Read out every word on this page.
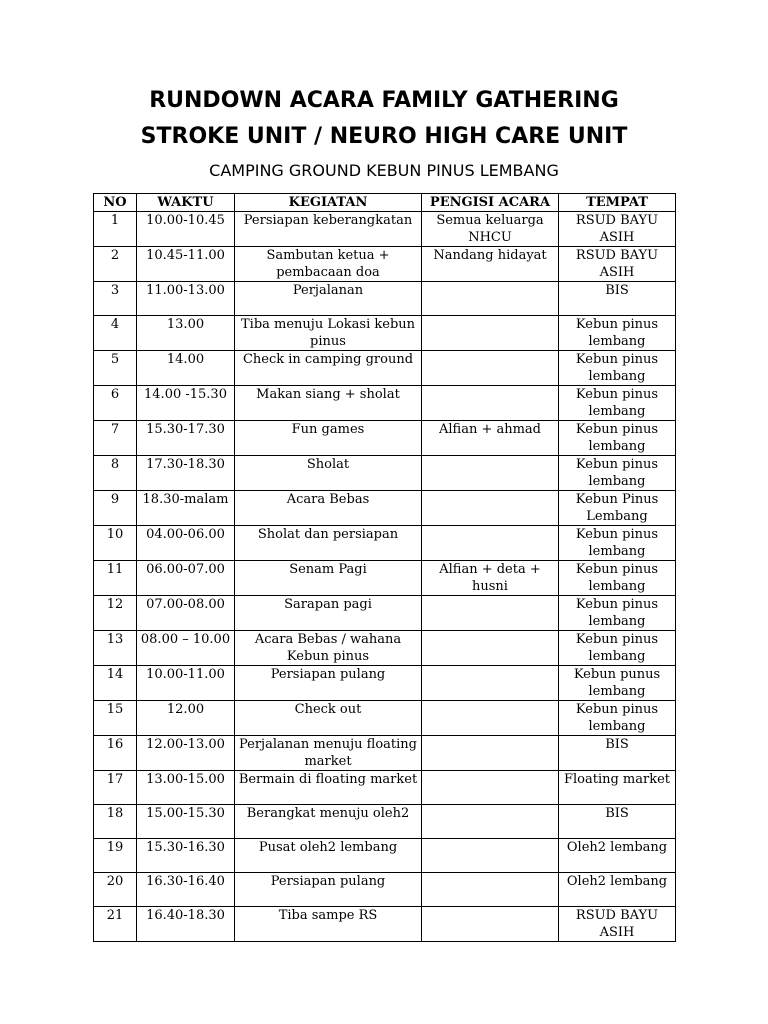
RUNDOWN ACARA FAMILY GATHERING
STROKE UNIT / NEURO HIGH CARE UNIT

CAMPING GROUND KEBUN PINUS LEMBANG

NO	WAKTU	KEGIATAN	PENGISI ACARA	TEMPAT
1	10.00-10.45	Persiapan keberangkatan	Semua keluarga NHCU	RSUD BAYU ASIH
2	10.45-11.00	Sambutan ketua + pembacaan doa	Nandang hidayat	RSUD BAYU ASIH
3	11.00-13.00	Perjalanan		BIS
4	13.00	Tiba menuju Lokasi kebun pinus		Kebun pinus lembang
5	14.00	Check in camping ground		Kebun pinus lembang
6	14.00 -15.30	Makan siang + sholat		Kebun pinus lembang
7	15.30-17.30	Fun games	Alfian + ahmad	Kebun pinus lembang
8	17.30-18.30	Sholat		Kebun pinus lembang
9	18.30-malam	Acara Bebas		Kebun Pinus Lembang
10	04.00-06.00	Sholat dan persiapan		Kebun pinus lembang
11	06.00-07.00	Senam Pagi	Alfian + deta + husni	Kebun pinus lembang
12	07.00-08.00	Sarapan pagi		Kebun pinus lembang
13	08.00 – 10.00	Acara Bebas / wahana Kebun pinus		Kebun pinus lembang
14	10.00-11.00	Persiapan pulang		Kebun punus lembang
15	12.00	Check out		Kebun pinus lembang
16	12.00-13.00	Perjalanan menuju floating market		BIS
17	13.00-15.00	Bermain di floating market		Floating market
18	15.00-15.30	Berangkat menuju oleh2		BIS
19	15.30-16.30	Pusat oleh2 lembang		Oleh2 lembang
20	16.30-16.40	Persiapan pulang		Oleh2 lembang
21	16.40-18.30	Tiba sampe RS		RSUD BAYU ASIH
